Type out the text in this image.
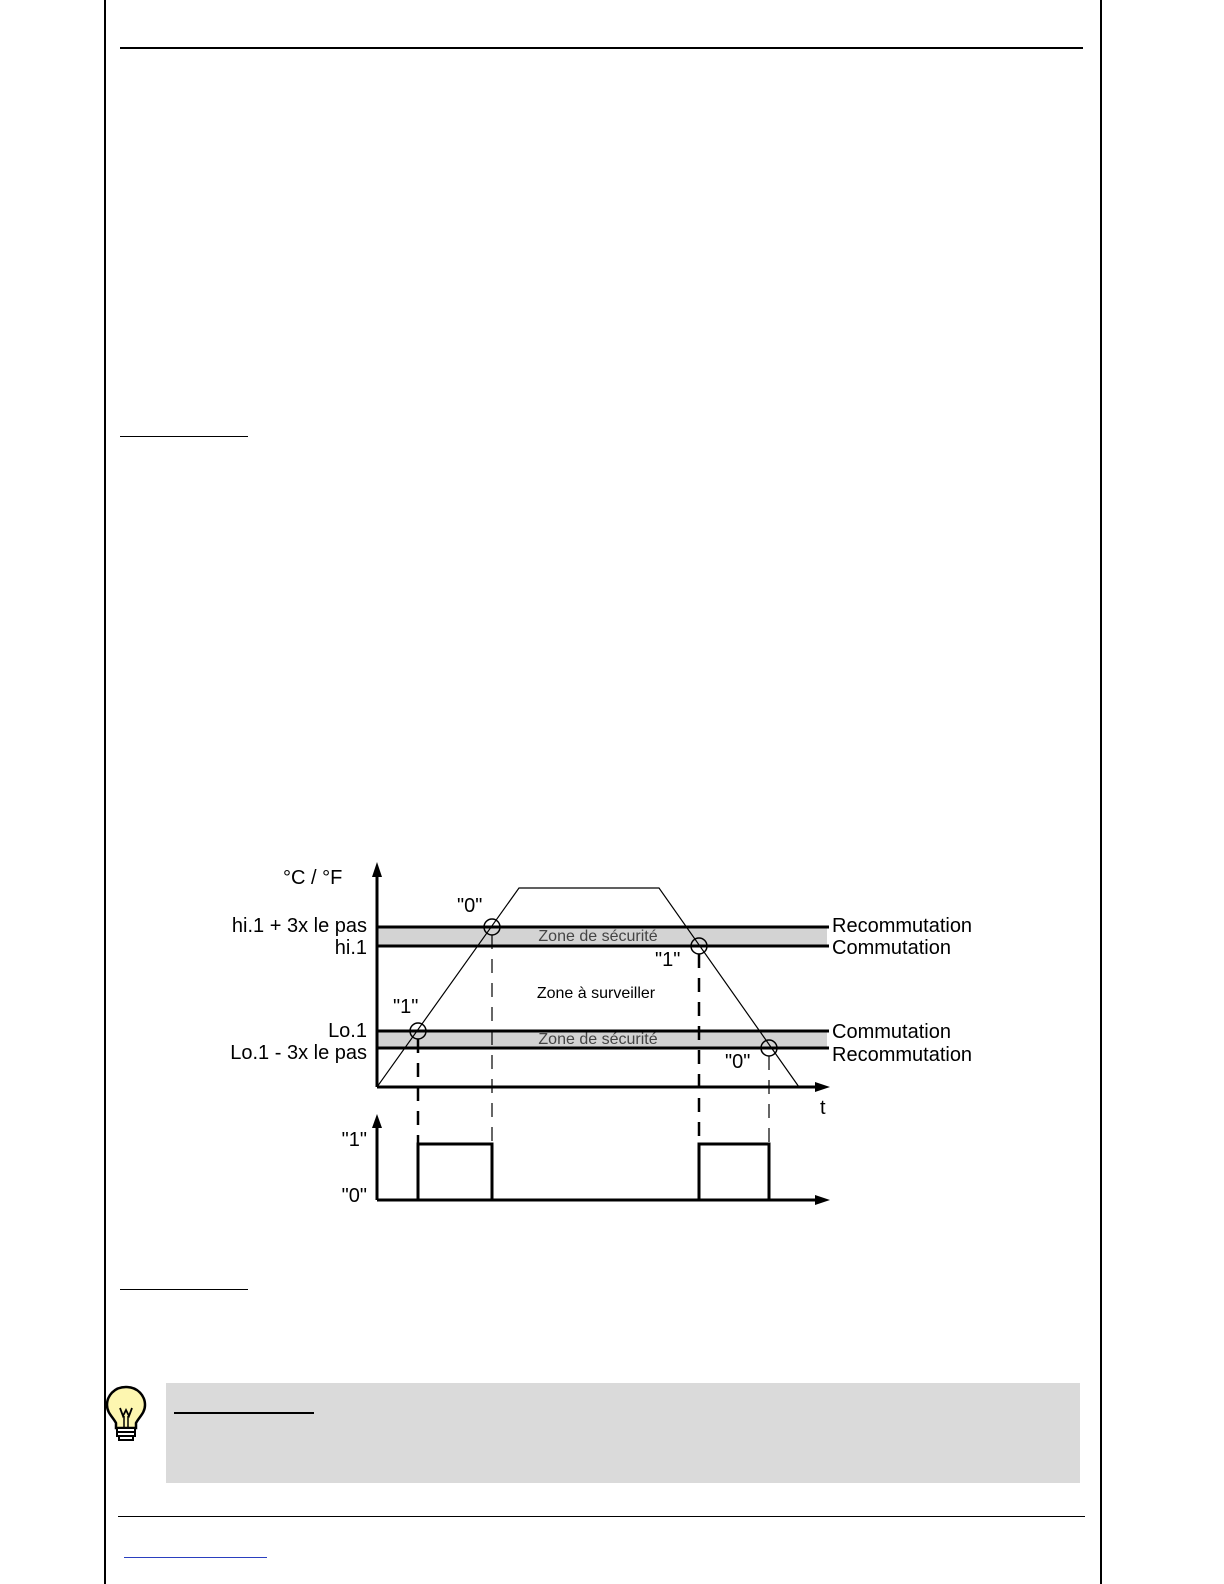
°C / °F
t
hi.1 + 3x le pas
hi.1
Lo.1
Lo.1 - 3x le pas
Recommutation
Commutation
Commutation
Recommutation
Zone de sécurité
Zone à surveiller
Zone de sécurité
"1"
"0"
"1"
"0"
"1"
"0"
